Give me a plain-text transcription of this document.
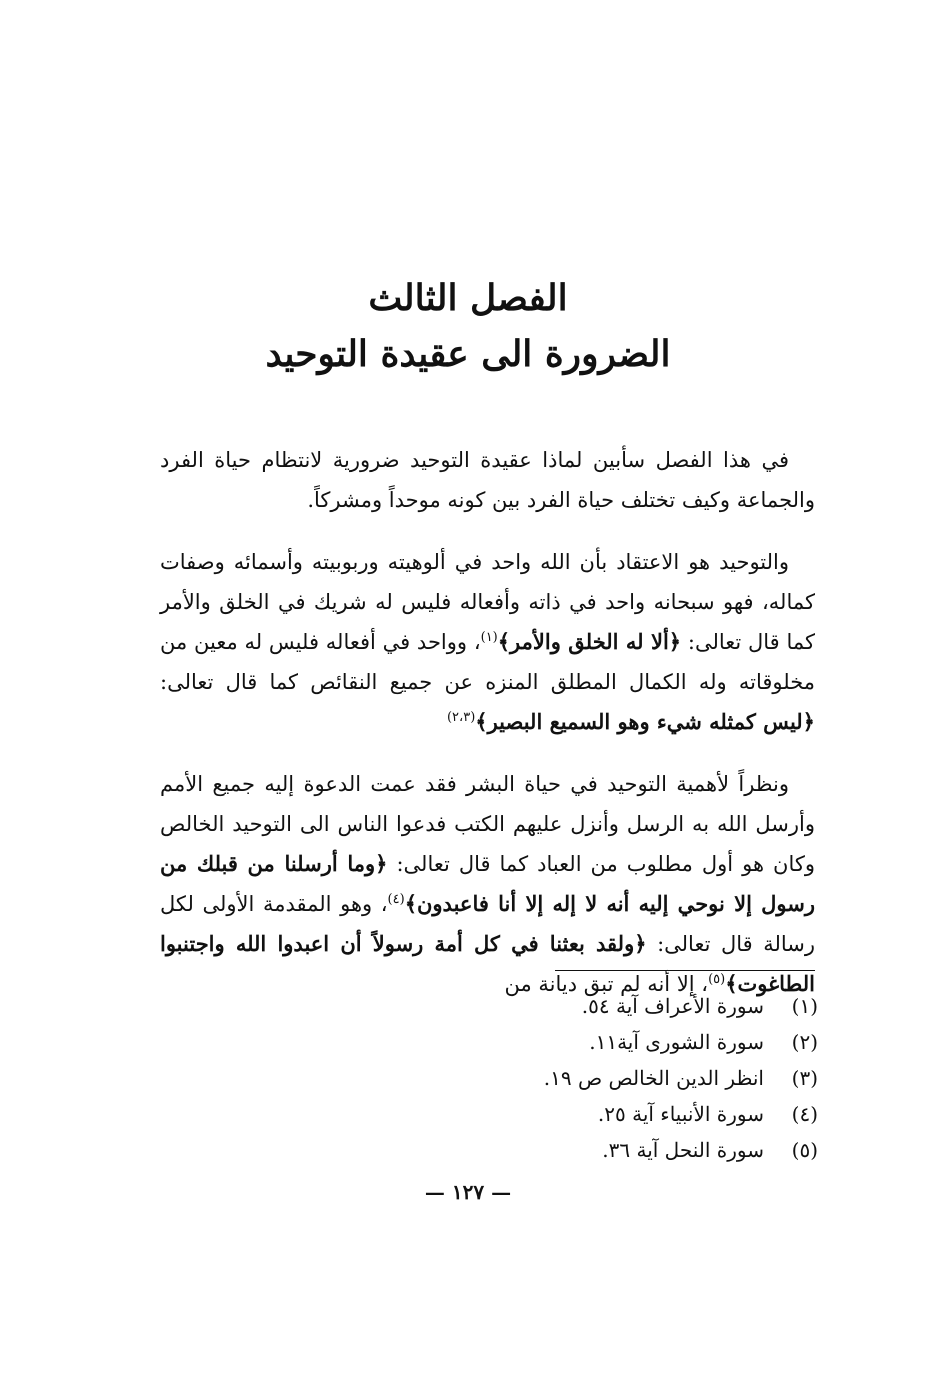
الفصل الثالث
الضرورة الى عقيدة التوحيد

في هذا الفصل سأبين لماذا عقيدة التوحيد ضرورية لانتظام حياة الفرد والجماعة وكيف تختلف حياة الفرد بين كونه موحداً ومشركاً.

والتوحيد هو الاعتقاد بأن الله واحد في ألوهيته وربوبيته وأسمائه وصفات كماله، فهو سبحانه واحد في ذاته وأفعاله فليس له شريك في الخلق والأمر كما قال تعالى: ﴿ألا له الخلق والأمر﴾$^{(١)}$، وواحد في أفعاله فليس له معين من مخلوقاته وله الكمال المطلق المنزه عن جميع النقائص كما قال تعالى: ﴿ليس كمثله شيء وهو السميع البصير﴾$^{(٢،٣)}$

ونظراً لأهمية التوحيد في حياة البشر فقد عمت الدعوة إليه جميع الأمم وأرسل الله به الرسل وأنزل عليهم الكتب فدعوا الناس الى التوحيد الخالص وكان هو أول مطلوب من العباد كما قال تعالى: ﴿وما أرسلنا من قبلك من رسول إلا نوحي إليه أنه لا إله إلا أنا فاعبدون﴾$^{(٤)}$، وهو المقدمة الأولى لكل رسالة قال تعالى: ﴿ولقد بعثنا في كل أمة رسولاً أن اعبدوا الله واجتنبوا الطاغوت﴾$^{(٥)}$، إلا أنه لم تبق ديانة من

(١)
سورة الأعراف آية ٥٤.
(٢)
سورة الشورى آية١١.
(٣)
انظر الدين الخالص ص ١٩.
(٤)
سورة الأنبياء آية ٢٥.
(٥)
سورة النحل آية ٣٦.
— ١٢٧ —
